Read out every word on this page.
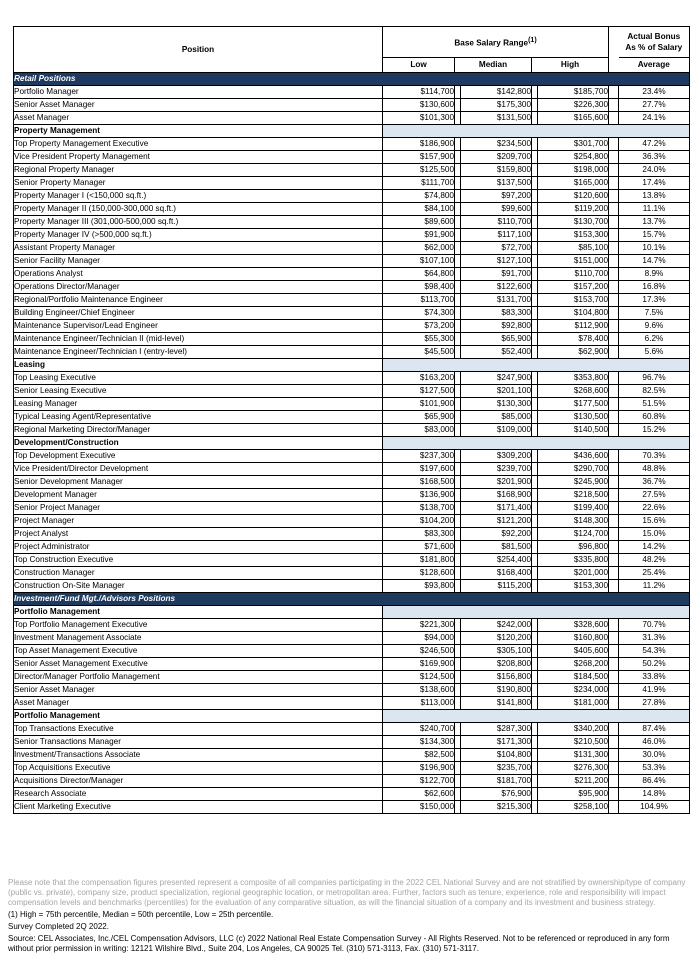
Position	Base Salary Range$^{(1)}$						Actual Bonus
As % of Salary
	Low	Median		High			Average
Retail Positions							
Portfolio Manager	$114,700		$142,800		$185,700		23.4%
Senior Asset Manager	$130,600		$175,300		$226,300		27.7%
Asset Manager	$101,300		$131,500		$165,600		24.1%
Property Management							
Top Property Management Executive	$186,900		$234,500		$301,700		47.2%
Vice President Property Management	$157,900		$209,700		$254,800		36.3%
Regional Property Manager	$125,500		$159,800		$198,000		24.0%
Senior Property Manager	$111,700		$137,500		$165,000		17.4%
Property Manager I (<150,000 sq.ft.)	$74,800		$97,200		$120,600		13.8%
Property Manager II (150,000-300,000 sq.ft.)	$84,100		$99,600		$119,200		11.1%
Property Manager III (301,000-500,000 sq.ft.)	$89,600		$110,700		$130,700		13.7%
Property Manager IV (>500,000 sq.ft.)	$91,900		$117,100		$153,300		15.7%
Assistant Property Manager	$62,000		$72,700		$85,100		10.1%
Senior Facility Manager	$107,100		$127,100		$151,000		14.7%
Operations Analyst	$64,800		$91,700		$110,700		8.9%
Operations Director/Manager	$98,400		$122,600		$157,200		16.8%
Regional/Portfolio Maintenance Engineer	$113,700		$131,700		$153,700		17.3%
Building Engineer/Chief Engineer	$74,300		$83,300		$104,800		7.5%
Maintenance Supervisor/Lead Engineer	$73,200		$92,800		$112,900		9.6%
Maintenance Engineer/Technician II (mid-level)	$55,300		$65,900		$78,400		6.2%
Maintenance Engineer/Technician I (entry-level)	$45,500		$52,400		$62,900		5.6%
Leasing							
Top Leasing Executive	$163,200		$247,900		$353,800		96.7%
Senior Leasing Executive	$127,500		$201,100		$268,600		82.5%
Leasing Manager	$101,900		$130,300		$177,500		51.5%
Typical Leasing Agent/Representative	$65,900		$85,000		$130,500		60.8%
Regional Marketing Director/Manager	$83,000		$109,000		$140,500		15.2%
Development/Construction							
Top Development Executive	$237,300		$309,200		$436,600		70.3%
Vice President/Director Development	$197,600		$239,700		$290,700		48.8%
Senior Development Manager	$168,500		$201,900		$245,900		36.7%
Development Manager	$136,900		$168,900		$218,500		27.5%
Senior Project Manager	$138,700		$171,400		$199,400		22.6%
Project Manager	$104,200		$121,200		$148,300		15.6%
Project Analyst	$83,300		$92,200		$124,700		15.0%
Project Administrator	$71,600		$81,500		$96,800		14.2%
Top Construction Executive	$181,800		$254,400		$335,800		48.2%
Construction Manager	$128,600		$168,400		$201,000		25.4%
Construction On-Site Manager	$93,800		$115,200		$153,300		11.2%
Investment/Fund Mgt./Advisors Positions							
Portfolio Management							
Top Portfolio Management Executive	$221,300		$242,000		$328,600		70.7%
Investment Management Associate	$94,000		$120,200		$160,800		31.3%
Top Asset Management Executive	$246,500		$305,100		$405,600		54.3%
Senior Asset Management Executive	$169,900		$208,800		$268,200		50.2%
Director/Manager Portfolio Management	$124,500		$156,800		$184,500		33.8%
Senior Asset Manager	$138,600		$190,800		$234,000		41.9%
Asset Manager	$113,000		$141,800		$181,000		27.8%
Portfolio Management							
Top Transactions Executive	$240,700		$287,300		$340,200		87.4%
Senior Transactions Manager	$134,300		$171,300		$210,500		46.0%
Investment/Transactions Associate	$82,500		$104,800		$131,300		30.0%
Top Acquisitions Executive	$196,900		$235,700		$276,300		53.3%
Acquisitions Director/Manager	$122,700		$181,700		$211,200		86.4%
Research Associate	$62,600		$76,900		$95,900		14.8%
Client Marketing Executive	$150,000		$215,300		$258,100		104.9%

Please note that the compensation figures presented represent a composite of all companies participating in the 2022 CEL National Survey and are not stratified by ownership/type of company (public vs. private), company size, product specialization, regional geographic location, or metropolitan area. Further, factors such as tenure, experience, role and responsibility will impact compensation levels and benchmarks (percentiles) for the evaluation of any comparative situation, as will the financial situation of a company and its investment and business strategy.

(1) High = 75th percentile, Median = 50th percentile, Low = 25th percentile.

Survey Completed 2Q 2022.

Source: CEL Associates, Inc./CEL Compensation Advisors, LLC (c) 2022 National Real Estate Compensation Survey - All Rights Reserved. Not to be referenced or reproduced in any form without prior permission in writing: 12121 Wilshire Blvd., Suite 204, Los Angeles, CA 90025 Tel. (310) 571-3113, Fax. (310) 571-3117.
